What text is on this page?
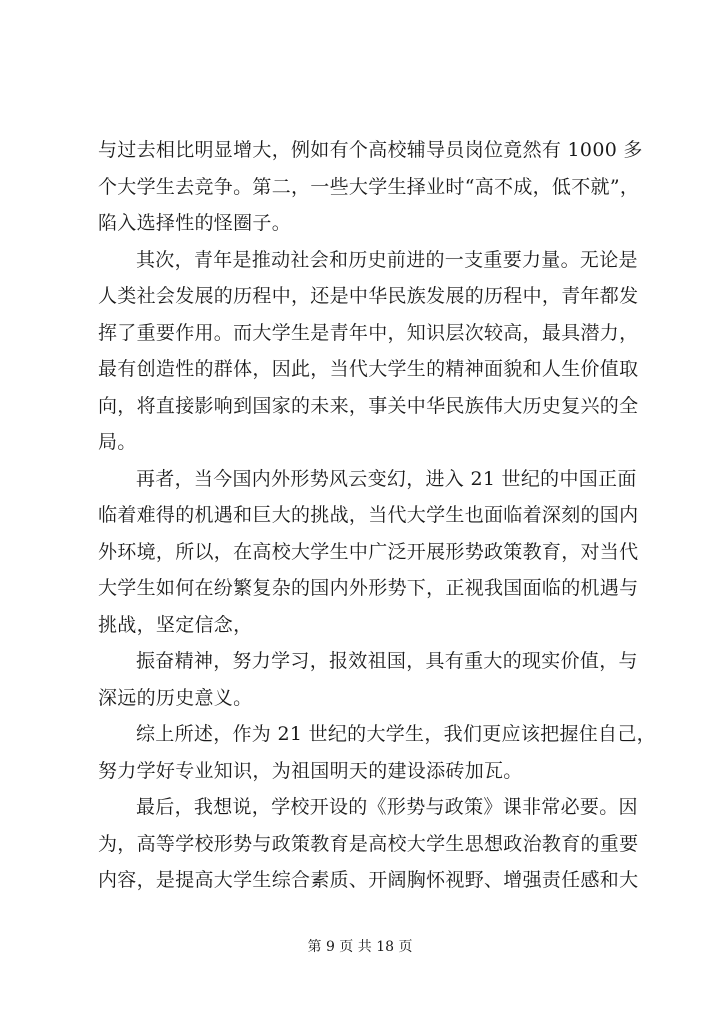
与过去相比明显增大，例如有个高校辅导员岗位竟然有 1000 多
个大学生去竞争。第二，一些大学生择业时“高不成，低不就”，
陷入选择性的怪圈子。
其次，青年是推动社会和历史前进的一支重要力量。无论是
人类社会发展的历程中，还是中华民族发展的历程中，青年都发
挥了重要作用。而大学生是青年中，知识层次较高，最具潜力，
最有创造性的群体，因此，当代大学生的精神面貌和人生价值取
向，将直接影响到国家的未来，事关中华民族伟大历史复兴的全
局。
再者，当今国内外形势风云变幻，进入 21 世纪的中国正面
临着难得的机遇和巨大的挑战，当代大学生也面临着深刻的国内
外环境，所以，在高校大学生中广泛开展形势政策教育，对当代
大学生如何在纷繁复杂的国内外形势下，正视我国面临的机遇与
挑战，坚定信念，
振奋精神，努力学习，报效祖国，具有重大的现实价值，与
深远的历史意义。
综上所述，作为 21 世纪的大学生，我们更应该把握住自己，
努力学好专业知识，为祖国明天的建设添砖加瓦。
最后，我想说，学校开设的《形势与政策》课非常必要。因
为，高等学校形势与政策教育是高校大学生思想政治教育的重要
内容，是提高大学生综合素质、开阔胸怀视野、增强责任感和大
第 9 页 共 18 页
